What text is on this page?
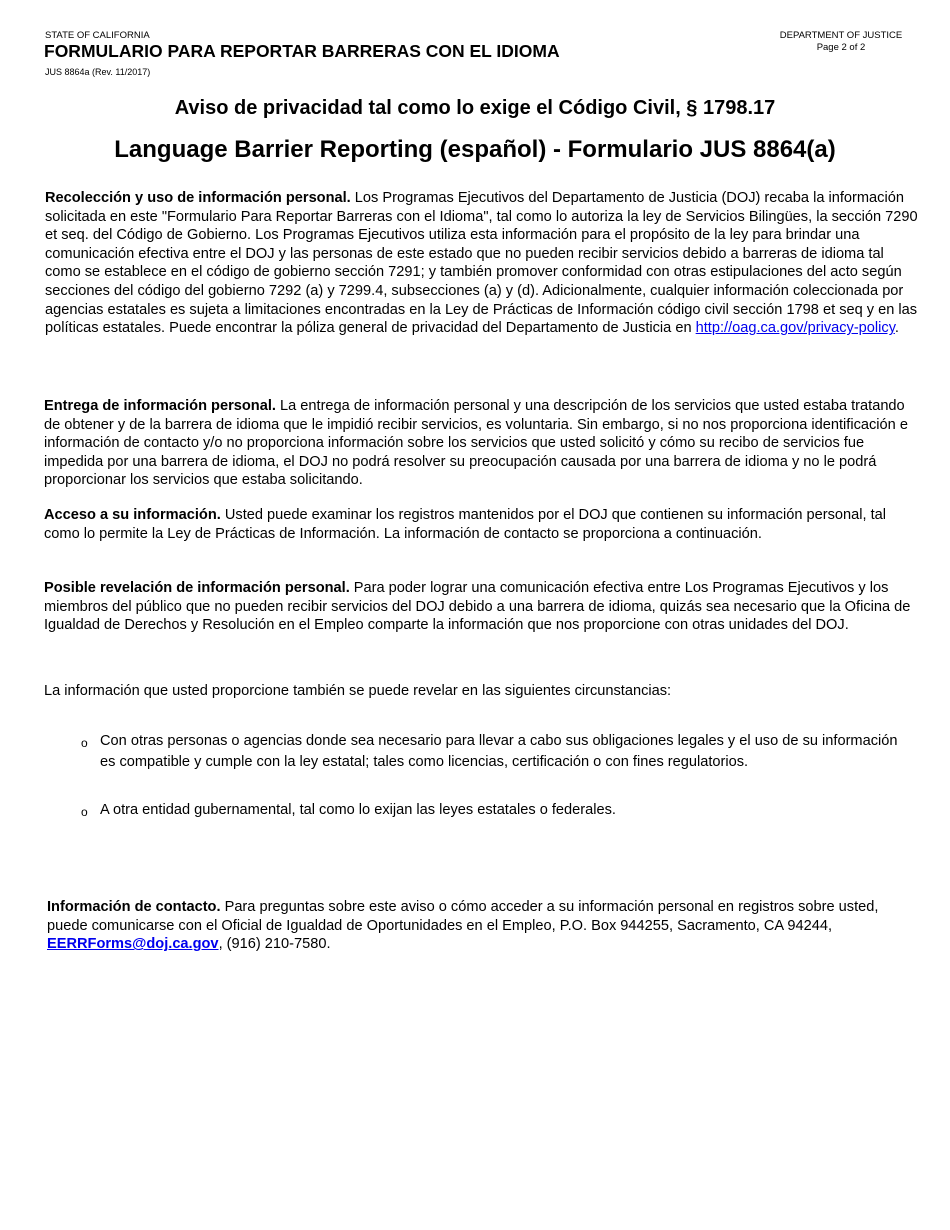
STATE OF CALIFORNIA
FORMULARIO PARA REPORTAR BARRERAS CON EL IDIOMA
JUS 8864a (Rev. 11/2017)
DEPARTMENT OF JUSTICE
Page 2 of 2
Aviso de privacidad tal como lo exige el Código Civil, § 1798.17
Language Barrier Reporting (español) - Formulario JUS 8864(a)

Recolección y uso de información personal. Los Programas Ejecutivos del Departamento de Justicia (DOJ) recaba la información solicitada en este "Formulario Para Reportar Barreras con el Idioma", tal como lo autoriza la ley de Servicios Bilingües, la sección 7290 et seq. del Código de Gobierno. Los Programas Ejecutivos utiliza esta información para el propósito de la ley para brindar una comunicación efectiva entre el DOJ y las personas de este estado que no pueden recibir servicios debido a barreras de idioma tal como se establece en el código de gobierno sección 7291; y también promover conformidad con otras estipulaciones del acto según secciones del código del gobierno 7292 (a) y 7299.4, subsecciones (a) y (d). Adicionalmente, cualquier información coleccionada por agencias estatales es sujeta a limitaciones encontradas en la Ley de Prácticas de Información código civil sección 1798 et seq y en las políticas estatales. Puede encontrar la póliza general de privacidad del Departamento de Justicia en http://oag.ca.gov/privacy-policy.

Entrega de información personal. La entrega de información personal y una descripción de los servicios que usted estaba tratando de obtener y de la barrera de idioma que le impidió recibir servicios, es voluntaria. Sin embargo, si no nos proporciona identificación e información de contacto y/o no proporciona información sobre los servicios que usted solicitó y cómo su recibo de servicios fue impedida por una barrera de idioma, el DOJ no podrá resolver su preocupación causada por una barrera de idioma y no le podrá proporcionar los servicios que estaba solicitando.

Acceso a su información. Usted puede examinar los registros mantenidos por el DOJ que contienen su información personal, tal como lo permite la Ley de Prácticas de Información. La información de contacto se proporciona a continuación.

Posible revelación de información personal. Para poder lograr una comunicación efectiva entre Los Programas Ejecutivos y los miembros del público que no pueden recibir servicios del DOJ debido a una barrera de idioma, quizás sea necesario que la Oficina de Igualdad de Derechos y Resolución en el Empleo comparte la información que nos proporcione con otras unidades del DOJ.

La información que usted proporcione también se puede revelar en las siguientes circunstancias:

o Con otras personas o agencias donde sea necesario para llevar a cabo sus obligaciones legales y el uso de su información es compatible y cumple con la ley estatal; tales como licencias, certificación o con fines regulatorios.
o A otra entidad gubernamental, tal como lo exijan las leyes estatales o federales.

Información de contacto. Para preguntas sobre este aviso o cómo acceder a su información personal en registros sobre usted, puede comunicarse con el Oficial de Igualdad de Oportunidades en el Empleo, P.O. Box 944255, Sacramento, CA 94244, EERRForms@doj.ca.gov, (916) 210-7580.
